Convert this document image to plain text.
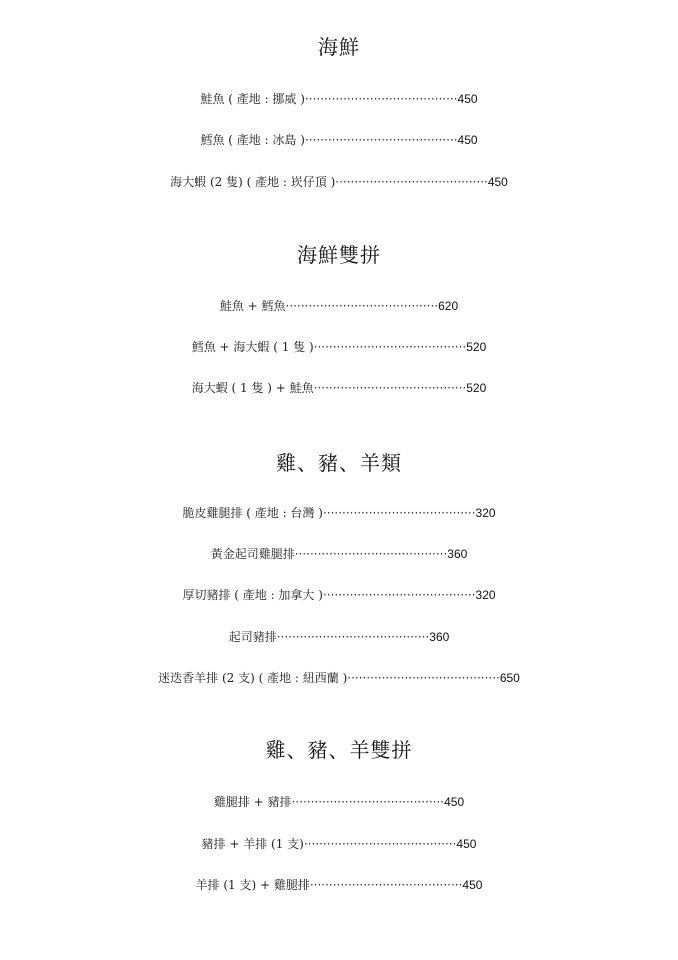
海鮮
鮭魚 ( 產地 : 挪威 )········································450
鱈魚 ( 產地 : 冰島 )········································450
海大蝦 (2 隻) ( 產地 : 崁仔頂 )········································450
海鮮雙拼
鮭魚 + 鱈魚········································620
鱈魚 + 海大蝦 ( 1 隻 )········································520
海大蝦 ( 1 隻 ) + 鮭魚········································520
雞、豬、羊類
脆皮雞腿排 ( 產地 : 台灣 )········································320
黃金起司雞腿排········································360
厚切豬排 ( 產地 : 加拿大 )········································320
起司豬排········································360
迷迭香羊排 (2 支) ( 產地 : 紐西蘭 )········································650
雞、豬、羊雙拼
雞腿排 + 豬排········································450
豬排 + 羊排 (1 支)········································450
羊排 (1 支) + 雞腿排········································450
